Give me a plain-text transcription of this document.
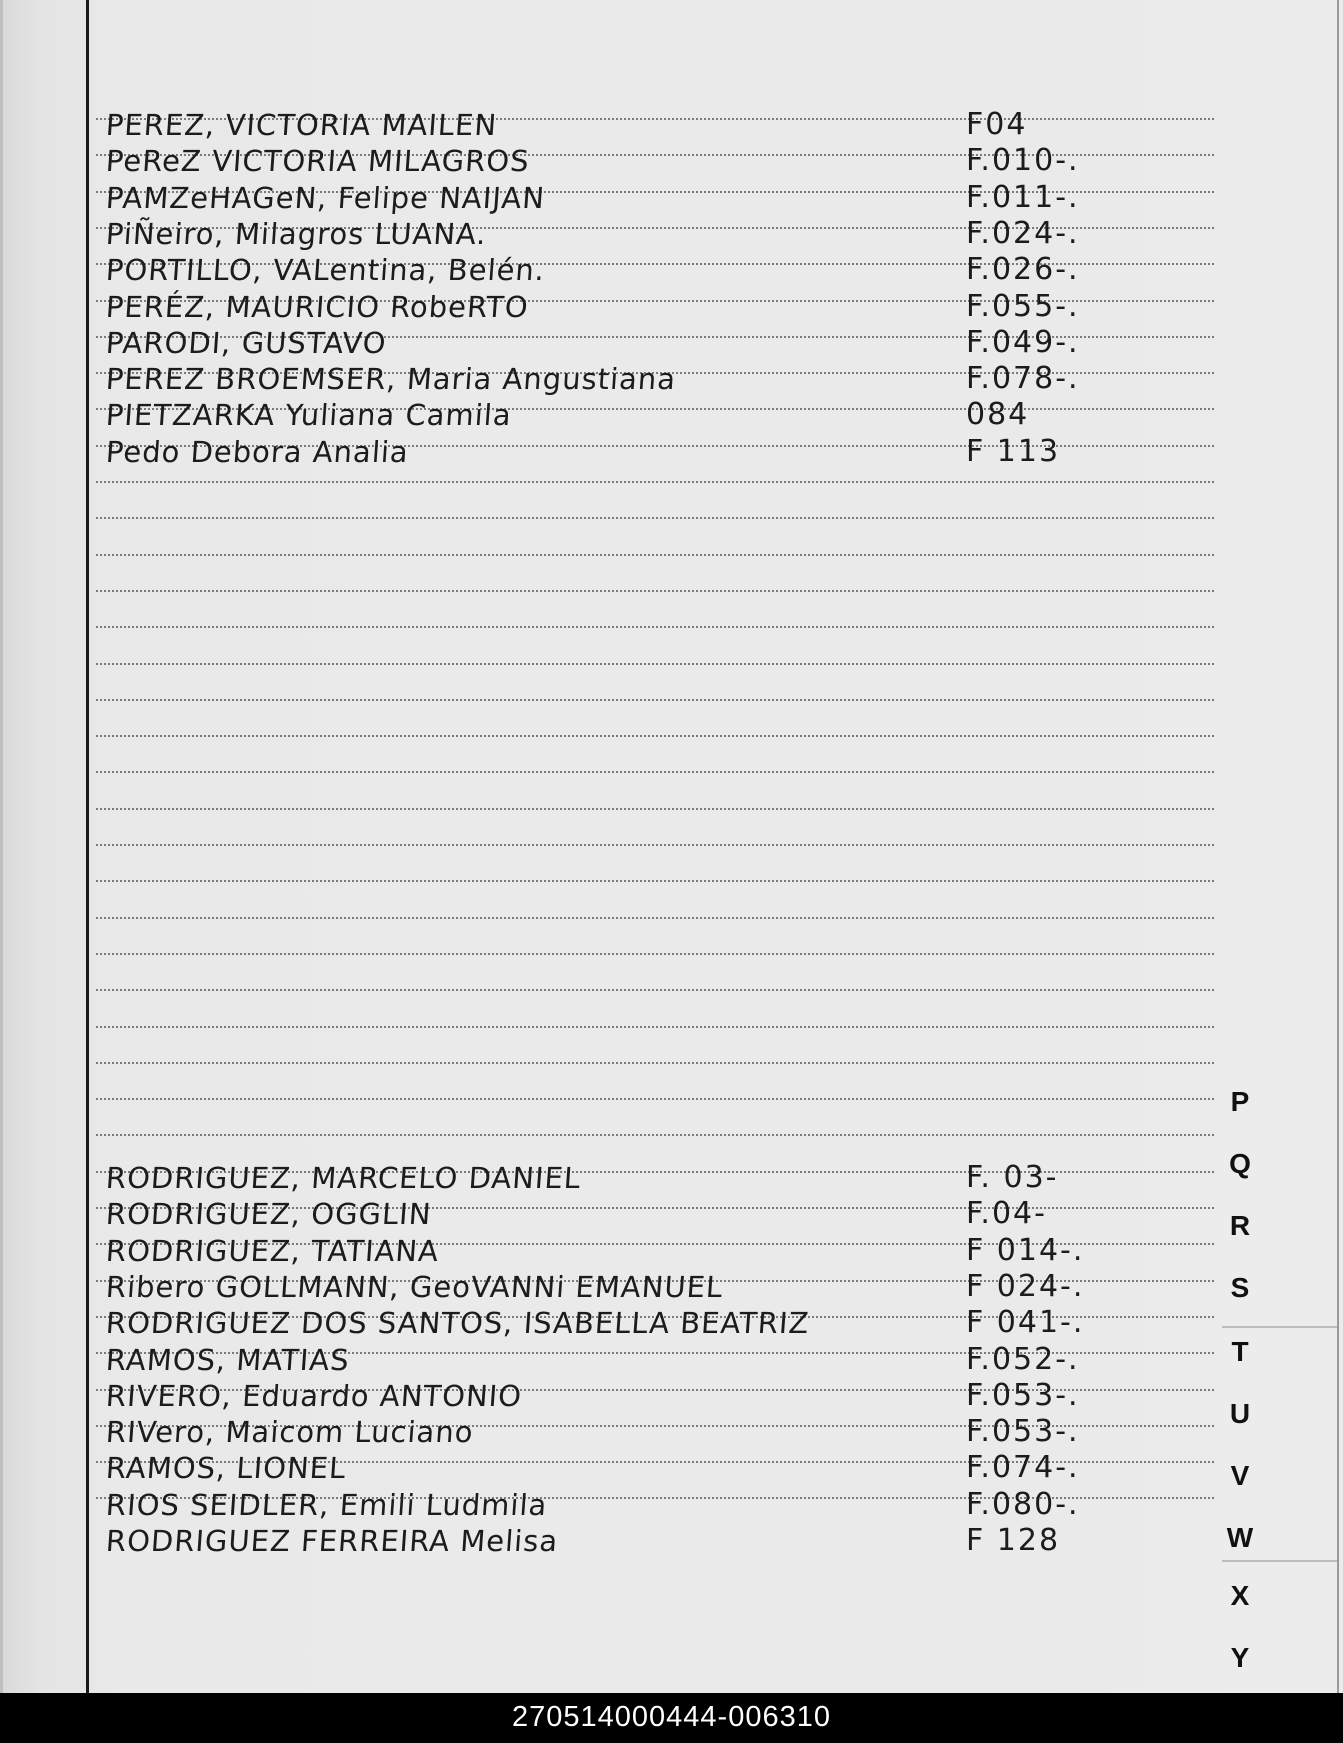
PEREZ, VICTORIA MAILEN	F04
PeReZ VICTORIA MILAGROS	F.010-.
PAMZeHAGeN, Felipe NAIJAN	F.011-.
PiÑeiro, Milagros LUANA.	F.024-.
PORTILLO, VALentina, Belén.	F.026-.
PERÉZ, MAURICIO RobeRTO	F.055-.
PARODI, GUSTAVO	F.049-.
PEREZ BROEMSER, Maria Angustiana	F.078-.
PIETZARKA Yuliana Camila	084
Pedo Debora Analia	F 113
RODRIGUEZ, MARCELO DANIEL	F. 03-
RODRIGUEZ, OGGLIN	F.04-
RODRIGUEZ, TATIANA	F 014-.
Ribero GOLLMANN, GeoVANNi EMANUEL	F 024-.
RODRIGUEZ DOS SANTOS, ISABELLA BEATRIZ	F 041-.
RAMOS, MATIAS	F.052-.
RIVERO, Eduardo ANTONIO	F.053-.
RIVero, Maicom Luciano	F.053-.
RAMOS, LIONEL	F.074-.
RIOS SEIDLER, Emili Ludmila	F.080-.
RODRIGUEZ FERREIRA Melisa	F 128
P
Q
R
S
T
U
V
W
X
Y
270514000444-006310
